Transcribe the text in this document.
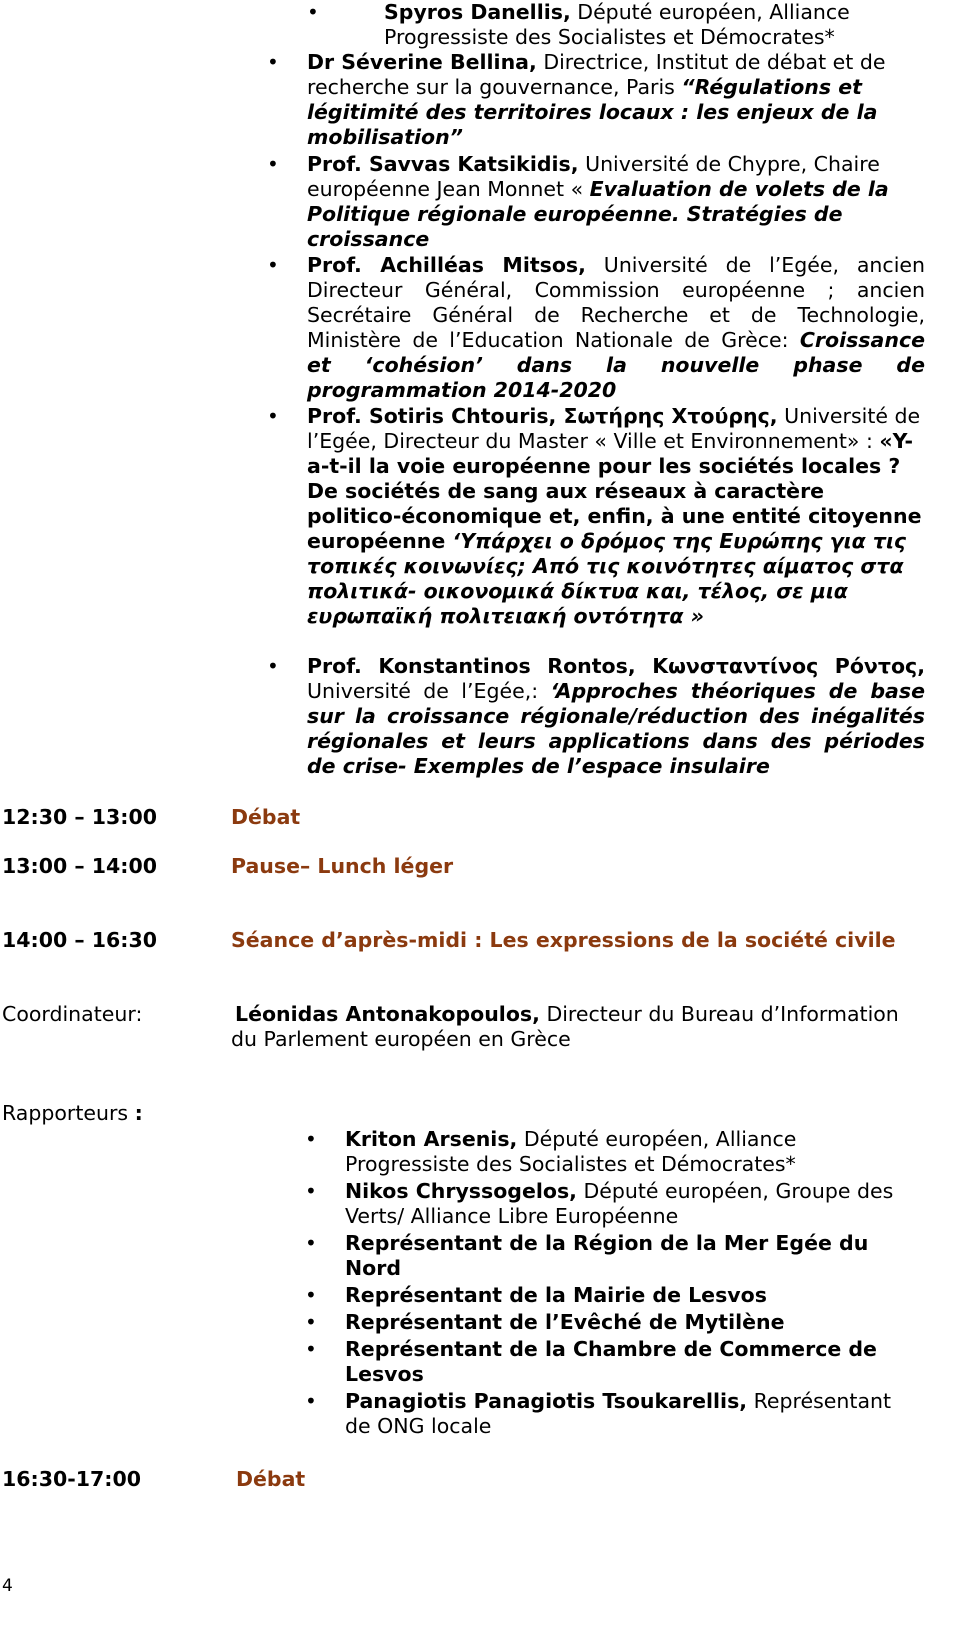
•	Spyros Danellis, Député européen, Alliance Progressiste des Socialistes et Démocrates*
• Dr Séverine Bellina, Directrice, Institut de débat et de recherche sur la gouvernance, Paris “Régulations et légitimité des territoires locaux : les enjeux de la mobilisation”
• Prof. Savvas Katsikidis, Université de Chypre, Chaire européenne Jean Monnet « Evaluation de volets de la Politique régionale européenne. Stratégies de croissance
• Prof. Achilléas Mitsos, Université de l’Egée, ancien Directeur Général, Commission européenne ; ancien Secrétaire Général de Recherche et de Technologie, Ministère de l’Education Nationale de Grèce: Croissance et ‘cohésion’ dans la nouvelle phase de programmation 2014-2020
• Prof. Sotiris Chtouris, Σωτήρης Χτούρης, Université de l’Egée, Directeur du Master « Ville et Environnement» : «Y-a-t-il la voie européenne pour les sociétés locales ? De sociétés de sang aux réseaux à caractère politico-économique et, enfin, à une entité citoyenne européenne ‘Υπάρχει ο δρόμος της Ευρώπης για τις τοπικές κοινωνίες; Από τις κοινότητες αίματος στα πολιτικά- οικονομικά δίκτυα και, τέλος, σε μια ευρωπαϊκή πολιτειακή οντότητα »
• Prof. Konstantinos Rontos, Κωνσταντίνος Ρόντος, Université de l’Egée,: ‘Approches théoriques de base sur la croissance régionale/réduction des inégalités régionales et leurs applications dans des périodes de crise- Exemples de l’espace insulaire
12:30 – 13:00	Débat
13:00 – 14:00	Pause– Lunch léger
14:00 – 16:30	Séance d’après-midi : Les expressions de la société civile
Coordinateur:	Léonidas Antonakopoulos, Directeur du Bureau d’Information du Parlement européen en Grèce
Rapporteurs :
• Kriton Arsenis, Député européen, Alliance Progressiste des Socialistes et Démocrates*
• Nikos Chryssogelos, Député européen, Groupe des Verts/ Alliance Libre Européenne
• Représentant de la Région de la Mer Egée du Nord
• Représentant de la Mairie de Lesvos
• Représentant de l’Evêché de Mytilène
• Représentant de la Chambre de Commerce de Lesvos
• Panagiotis Panagiotis Tsoukarellis, Représentant de ONG locale
16:30-17:00	Débat
4
